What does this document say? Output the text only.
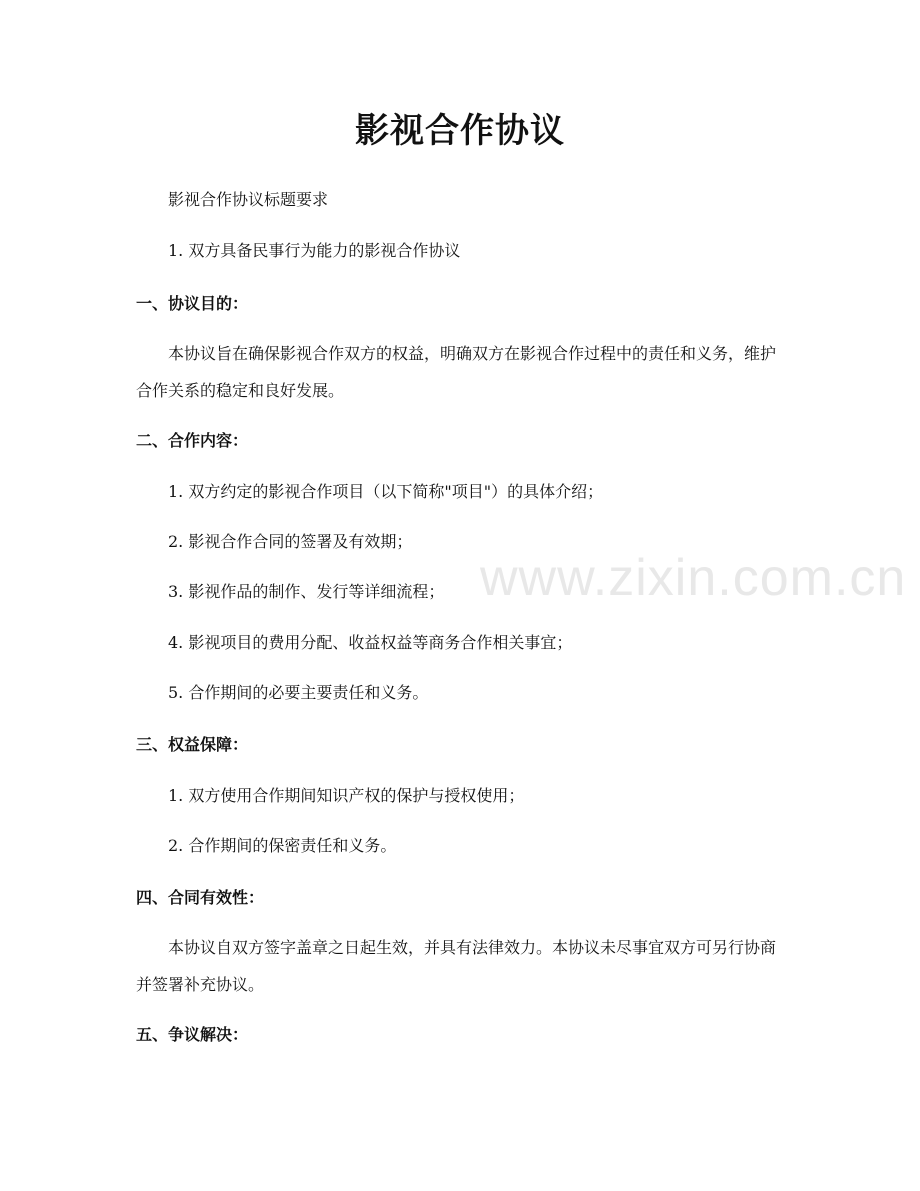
www.zixin.com.cn
影视合作协议
影视合作协议标题要求
1. 双方具备民事行为能力的影视合作协议
一、协议目的：
本协议旨在确保影视合作双方的权益，明确双方在影视合作过程中的责任和义务，维护合作关系的稳定和良好发展。
二、合作内容：
1. 双方约定的影视合作项目（以下简称"项目"）的具体介绍；
2. 影视合作合同的签署及有效期；
3. 影视作品的制作、发行等详细流程；
4. 影视项目的费用分配、收益权益等商务合作相关事宜；
5. 合作期间的必要主要责任和义务。
三、权益保障：
1. 双方使用合作期间知识产权的保护与授权使用；
2. 合作期间的保密责任和义务。
四、合同有效性：
本协议自双方签字盖章之日起生效，并具有法律效力。本协议未尽事宜双方可另行协商并签署补充协议。
五、争议解决：
